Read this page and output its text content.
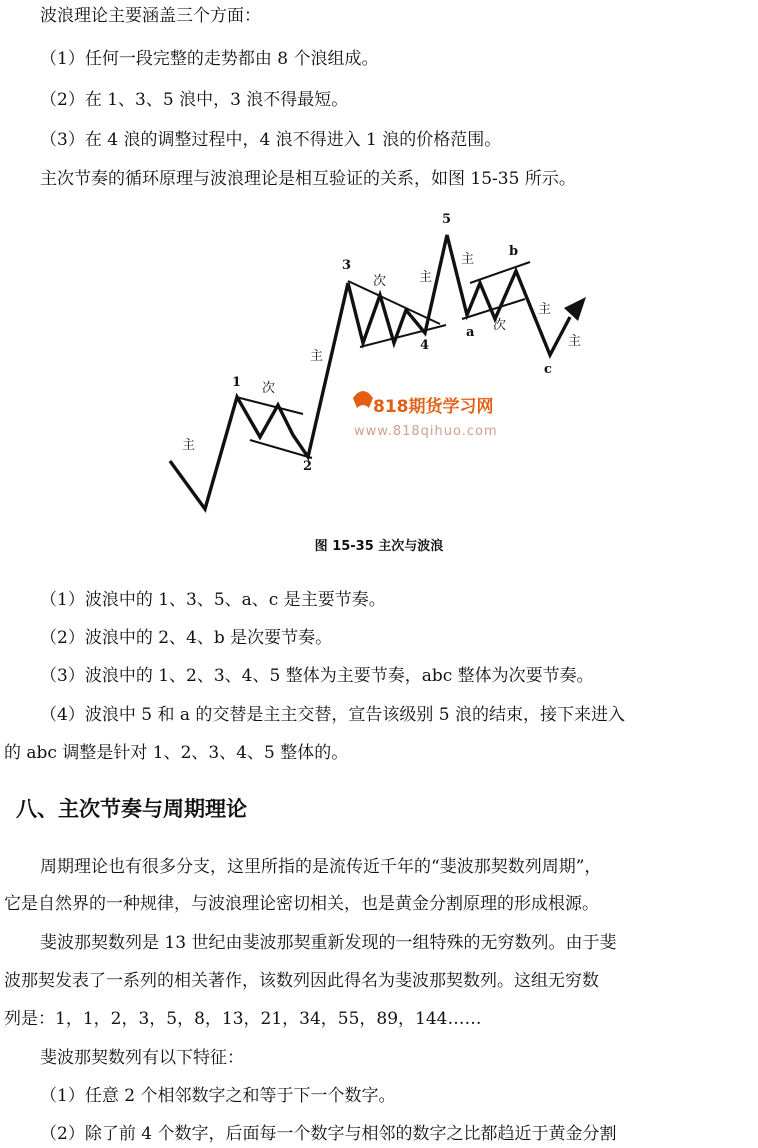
波浪理论主要涵盖三个方面：
（1）任何一段完整的走势都由 8 个浪组成。
（2）在 1、3、5 浪中，3 浪不得最短。
（3）在 4 浪的调整过程中，4 浪不得进入 1 浪的价格范围。
主次节奏的循环原理与波浪理论是相互验证的关系，如图 15-35 所示。
1
2
3
4
5
a
b
c
主
次
主
次	主
主
次
主
主
818期货学习网
www.818qihuo.com
图 15-35 主次与波浪
（1）波浪中的 1、3、5、a、c 是主要节奏。
（2）波浪中的 2、4、b 是次要节奏。
（3）波浪中的 1、2、3、4、5 整体为主要节奏，abc 整体为次要节奏。
（4）波浪中 5 和 a 的交替是主主交替，宣告该级别 5 浪的结束，接下来进入
的 abc 调整是针对 1、2、3、4、5 整体的。
八、主次节奏与周期理论
周期理论也有很多分支，这里所指的是流传近千年的“斐波那契数列周期”，
它是自然界的一种规律，与波浪理论密切相关，也是黄金分割原理的形成根源。
斐波那契数列是 13 世纪由斐波那契重新发现的一组特殊的无穷数列。由于斐
波那契发表了一系列的相关著作，该数列因此得名为斐波那契数列。这组无穷数
列是：1，1，2，3，5，8，13，21，34，55，89，144……
斐波那契数列有以下特征：
（1）任意 2 个相邻数字之和等于下一个数字。
（2）除了前 4 个数字，后面每一个数字与相邻的数字之比都趋近于黄金分割
